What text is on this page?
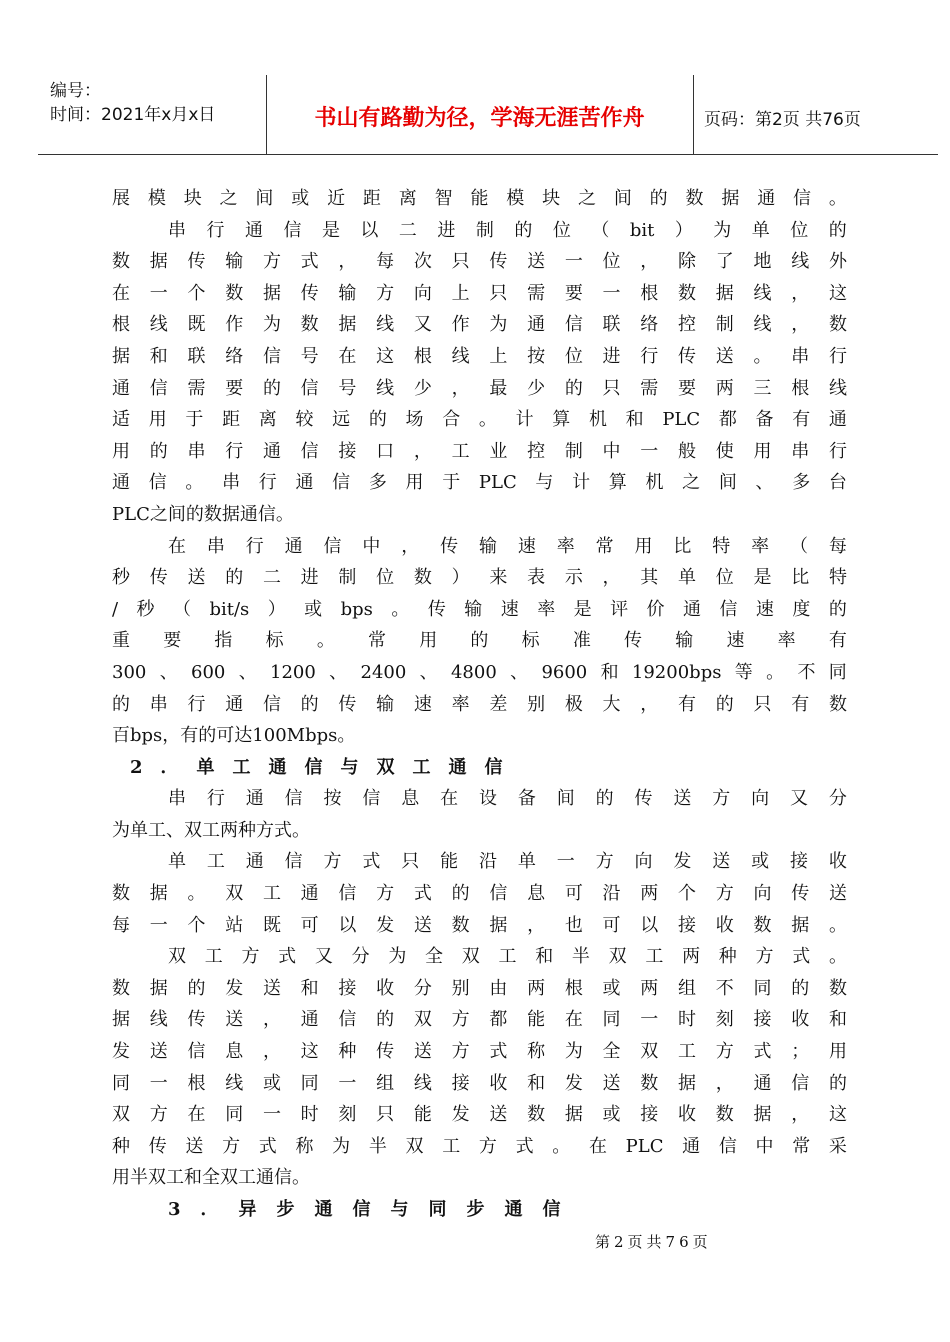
编号：
时间：2021年x月x日	书山有路勤为径，学海无涯苦作舟	页码：第2页 共76页
展 模 块 之 间 或 近 距 离 智 能 模 块 之 间 的 数 据 通 信 。
串 行 通 信 是 以 二 进 制 的 位 （ bit ） 为 单 位 的
数 据 传 输 方 式 ， 每 次 只 传 送 一 位 ， 除 了 地 线 外
在 一 个 数 据 传 输 方 向 上 只 需 要 一 根 数 据 线 ， 这
根 线 既 作 为 数 据 线 又 作 为 通 信 联 络 控 制 线 ， 数
据 和 联 络 信 号 在 这 根 线 上 按 位 进 行 传 送 。 串 行
通 信 需 要 的 信 号 线 少 ， 最 少 的 只 需 要 两 三 根 线
适 用 于 距 离 较 远 的 场 合 。 计 算 机 和 PLC 都 备 有 通
用 的 串 行 通 信 接 口 ， 工 业 控 制 中 一 般 使 用 串 行
通 信 。 串 行 通 信 多 用 于 PLC 与 计 算 机 之 间 、 多 台
PLC 之 间 的 数 据 通 信 。
在 串 行 通 信 中 ， 传 输 速 率 常 用 比 特 率 （ 每
秒 传 送 的 二 进 制 位 数 ） 来 表 示 ， 其 单 位 是 比 特
/ 秒 （ bit/s ） 或 bps 。 传 输 速 率 是 评 价 通 信 速 度 的
重 要 指 标 。 常 用 的 标 准 传 输 速 率 有
300 、 600 、 1200 、 2400 、 4800 、 9600 和 19200bps 等 。 不 同
的 串 行 通 信 的 传 输 速 率 差 别 极 大 ， 有 的 只 有 数
百 bps ， 有 的 可 达 100Mbps 。
2 ． 单 工 通 信 与 双 工 通 信
串 行 通 信 按 信 息 在 设 备 间 的 传 送 方 向 又 分
为 单 工 、 双 工 两 种 方 式 。
单 工 通 信 方 式 只 能 沿 单 一 方 向 发 送 或 接 收
数 据 。 双 工 通 信 方 式 的 信 息 可 沿 两 个 方 向 传 送
每 一 个 站 既 可 以 发 送 数 据 ， 也 可 以 接 收 数 据 。
双 工 方 式 又 分 为 全 双 工 和 半 双 工 两 种 方 式 。
数 据 的 发 送 和 接 收 分 别 由 两 根 或 两 组 不 同 的 数
据 线 传 送 ， 通 信 的 双 方 都 能 在 同 一 时 刻 接 收 和
发 送 信 息 ， 这 种 传 送 方 式 称 为 全 双 工 方 式 ； 用
同 一 根 线 或 同 一 组 线 接 收 和 发 送 数 据 ， 通 信 的
双 方 在 同 一 时 刻 只 能 发 送 数 据 或 接 收 数 据 ， 这
种 传 送 方 式 称 为 半 双 工 方 式 。 在 PLC 通 信 中 常 采
用 半 双 工 和 全 双 工 通 信 。
3 ． 异 步 通 信 与 同 步 通 信
第2页共76页
